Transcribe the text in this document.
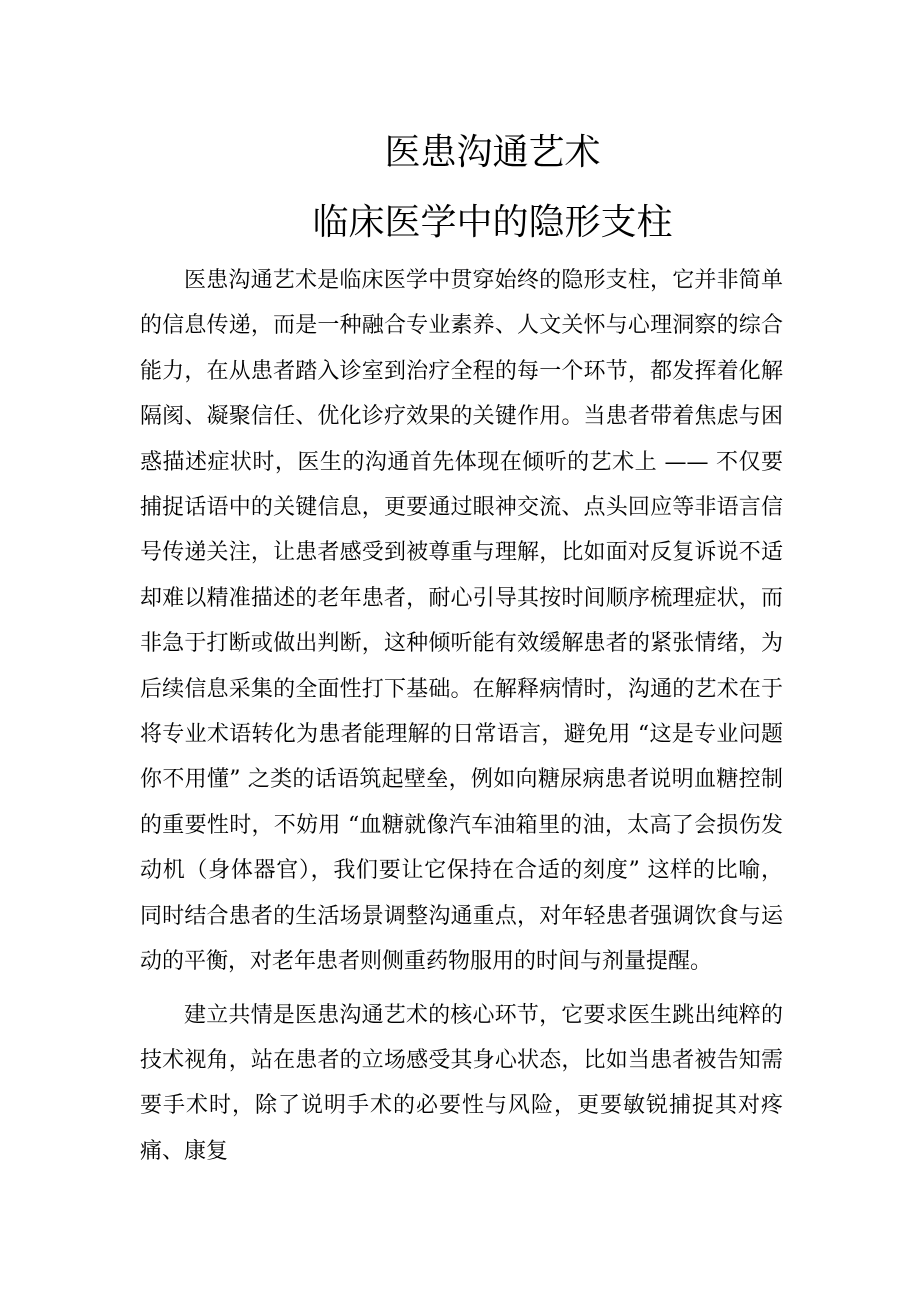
医患沟通艺术
临床医学中的隐形支柱

医患沟通艺术是临床医学中贯穿始终的隐形支柱，它并非简单的信息传递，而是一种融合专业素养、人文关怀与心理洞察的综合能力，在从患者踏入诊室到治疗全程的每一个环节，都发挥着化解隔阂、凝聚信任、优化诊疗效果的关键作用。当患者带着焦虑与困惑描述症状时，医生的沟通首先体现在倾听的艺术上 —— 不仅要捕捉话语中的关键信息，更要通过眼神交流、点头回应等非语言信号传递关注，让患者感受到被尊重与理解，比如面对反复诉说不适却难以精准描述的老年患者，耐心引导其按时间顺序梳理症状，而非急于打断或做出判断，这种倾听能有效缓解患者的紧张情绪，为后续信息采集的全面性打下基础。在解释病情时，沟通的艺术在于将专业术语转化为患者能理解的日常语言，避免用 “这是专业问题你不用懂” 之类的话语筑起壁垒，例如向糖尿病患者说明血糖控制的重要性时，不妨用 “血糖就像汽车油箱里的油，太高了会损伤发动机（身体器官），我们要让它保持在合适的刻度” 这样的比喻，同时结合患者的生活场景调整沟通重点，对年轻患者强调饮食与运动的平衡，对老年患者则侧重药物服用的时间与剂量提醒。

建立共情是医患沟通艺术的核心环节，它要求医生跳出纯粹的技术视角，站在患者的立场感受其身心状态，比如当患者被告知需要手术时，除了说明手术的必要性与风险，更要敏锐捕捉其对疼痛、康复
